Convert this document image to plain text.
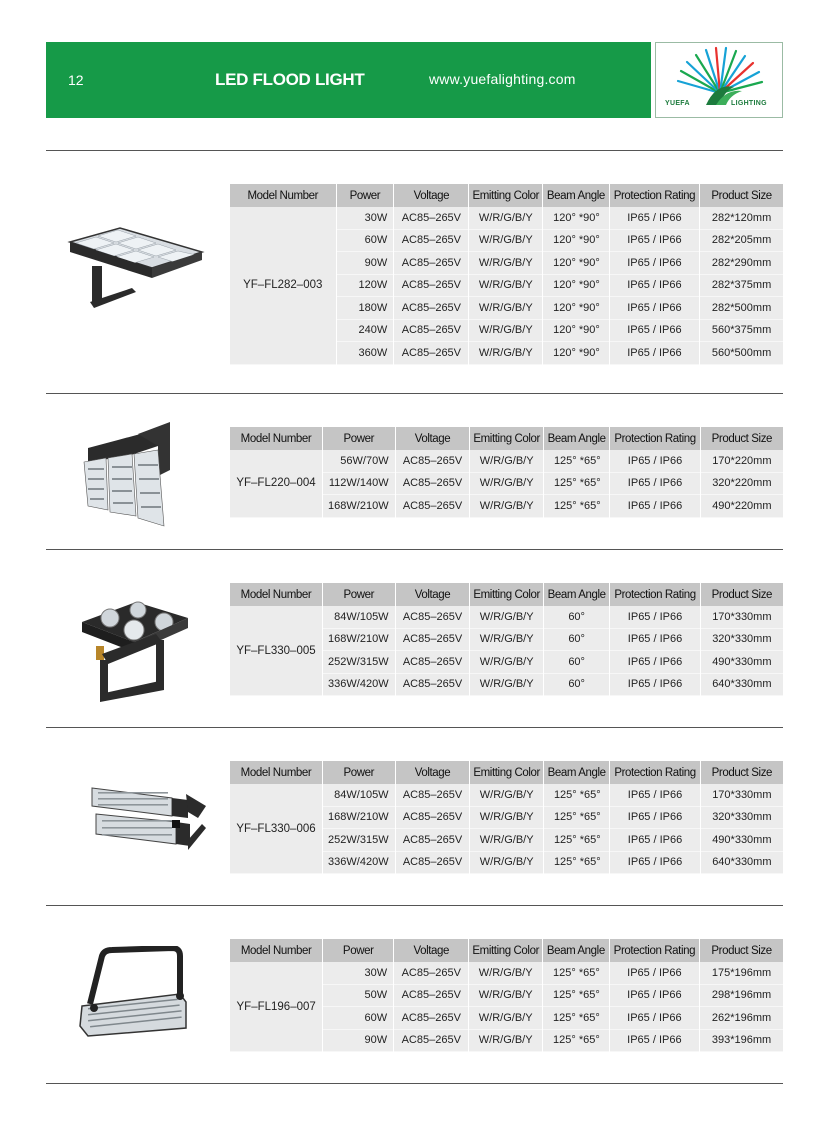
12	LED FLOOD LIGHT	www.yuefalighting.com
YUEFA	LIGHTING
Model Number	Power	Voltage	Emitting Color	Beam Angle	Protection Rating	Product Size
YF–FL282–003	30W	AC85–265V	W/R/G/B/Y	120° *90°	IP65 / IP66	282*120mm
	60W	AC85–265V	W/R/G/B/Y	120° *90°	IP65 / IP66	282*205mm
	90W	AC85–265V	W/R/G/B/Y	120° *90°	IP65 / IP66	282*290mm
	120W	AC85–265V	W/R/G/B/Y	120° *90°	IP65 / IP66	282*375mm
	180W	AC85–265V	W/R/G/B/Y	120° *90°	IP65 / IP66	282*500mm
	240W	AC85–265V	W/R/G/B/Y	120° *90°	IP65 / IP66	560*375mm
	360W	AC85–265V	W/R/G/B/Y	120° *90°	IP65 / IP66	560*500mm
Model Number	Power	Voltage	Emitting Color	Beam Angle	Protection Rating	Product Size
YF–FL220–004	56W/70W	AC85–265V	W/R/G/B/Y	125° *65°	IP65 / IP66	170*220mm
	112W/140W	AC85–265V	W/R/G/B/Y	125° *65°	IP65 / IP66	320*220mm
	168W/210W	AC85–265V	W/R/G/B/Y	125° *65°	IP65 / IP66	490*220mm
Model Number	Power	Voltage	Emitting Color	Beam Angle	Protection Rating	Product Size
YF–FL330–005	84W/105W	AC85–265V	W/R/G/B/Y	60°	IP65 / IP66	170*330mm
	168W/210W	AC85–265V	W/R/G/B/Y	60°	IP65 / IP66	320*330mm
	252W/315W	AC85–265V	W/R/G/B/Y	60°	IP65 / IP66	490*330mm
	336W/420W	AC85–265V	W/R/G/B/Y	60°	IP65 / IP66	640*330mm
Model Number	Power	Voltage	Emitting Color	Beam Angle	Protection Rating	Product Size
YF–FL330–006	84W/105W	AC85–265V	W/R/G/B/Y	125° *65°	IP65 / IP66	170*330mm
	168W/210W	AC85–265V	W/R/G/B/Y	125° *65°	IP65 / IP66	320*330mm
	252W/315W	AC85–265V	W/R/G/B/Y	125° *65°	IP65 / IP66	490*330mm
	336W/420W	AC85–265V	W/R/G/B/Y	125° *65°	IP65 / IP66	640*330mm
Model Number	Power	Voltage	Emitting Color	Beam Angle	Protection Rating	Product Size
YF–FL196–007	30W	AC85–265V	W/R/G/B/Y	125° *65°	IP65 / IP66	175*196mm
	50W	AC85–265V	W/R/G/B/Y	125° *65°	IP65 / IP66	298*196mm
	60W	AC85–265V	W/R/G/B/Y	125° *65°	IP65 / IP66	262*196mm
	90W	AC85–265V	W/R/G/B/Y	125° *65°	IP65 / IP66	393*196mm
